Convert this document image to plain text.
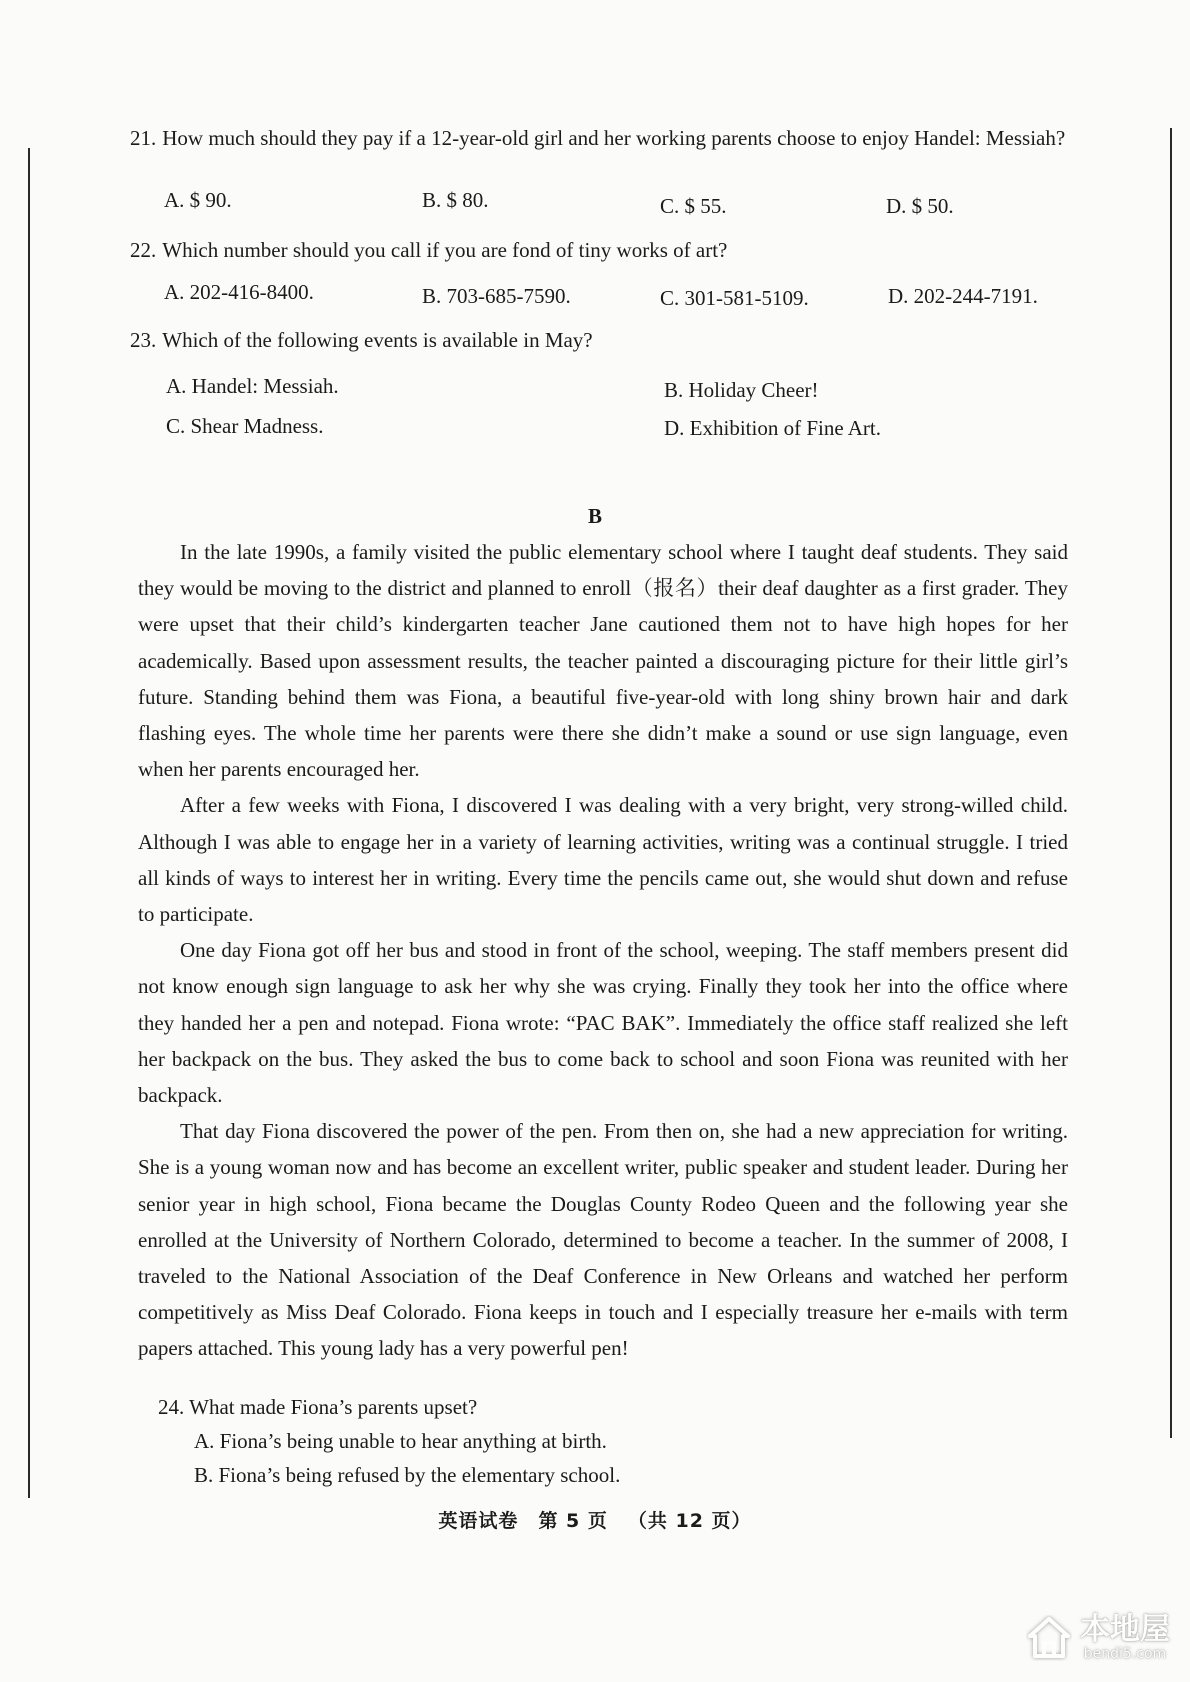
21. How much should they pay if a 12-year-old girl and her working parents choose to enjoy Handel: Messiah?
A. $ 90.	B. $ 80.	C. $ 55.	D. $ 50.
22. Which number should you call if you are fond of tiny works of art?
A. 202-416-8400.	B. 703-685-7590.	C. 301-581-5109.	D. 202-244-7191.
23. Which of the following events is available in May?
A. Handel: Messiah.	B. Holiday Cheer!
C. Shear Madness.	D. Exhibition of Fine Art.
B

In the late 1990s, a family visited the public elementary school where I taught deaf students. They said they would be moving to the district and planned to enroll（报名）their deaf daughter as a first grader. They were upset that their child’s kindergarten teacher Jane cautioned them not to have high hopes for her academically. Based upon assessment results, the teacher painted a discouraging picture for their little girl’s future. Standing behind them was Fiona, a beautiful five-year-old with long shiny brown hair and dark flashing eyes. The whole time her parents were there she didn’t make a sound or use sign language, even when her parents encouraged her.

After a few weeks with Fiona, I discovered I was dealing with a very bright, very strong-willed child. Although I was able to engage her in a variety of learning activities, writing was a continual struggle. I tried all kinds of ways to interest her in writing. Every time the pencils came out, she would shut down and refuse to participate.

One day Fiona got off her bus and stood in front of the school, weeping. The staff members present did not know enough sign language to ask her why she was crying. Finally they took her into the office where they handed her a pen and notepad. Fiona wrote: “PAC BAK”. Immediately the office staff realized she left her backpack on the bus. They asked the bus to come back to school and soon Fiona was reunited with her backpack.

That day Fiona discovered the power of the pen. From then on, she had a new appreciation for writing. She is a young woman now and has become an excellent writer, public speaker and student leader. During her senior year in high school, Fiona became the Douglas County Rodeo Queen and the following year she enrolled at the University of Northern Colorado, determined to become a teacher. In the summer of 2008, I traveled to the National Association of the Deaf Conference in New Orleans and watched her perform competitively as Miss Deaf Colorado. Fiona keeps in touch and I especially treasure her e-mails with term papers attached. This young lady has a very powerful pen!

24. What made Fiona’s parents upset?
A. Fiona’s being unable to hear anything at birth.
B. Fiona’s being refused by the elementary school.
英语试卷 第 5 页 （共 12 页）
本地屋
bendi5.com
